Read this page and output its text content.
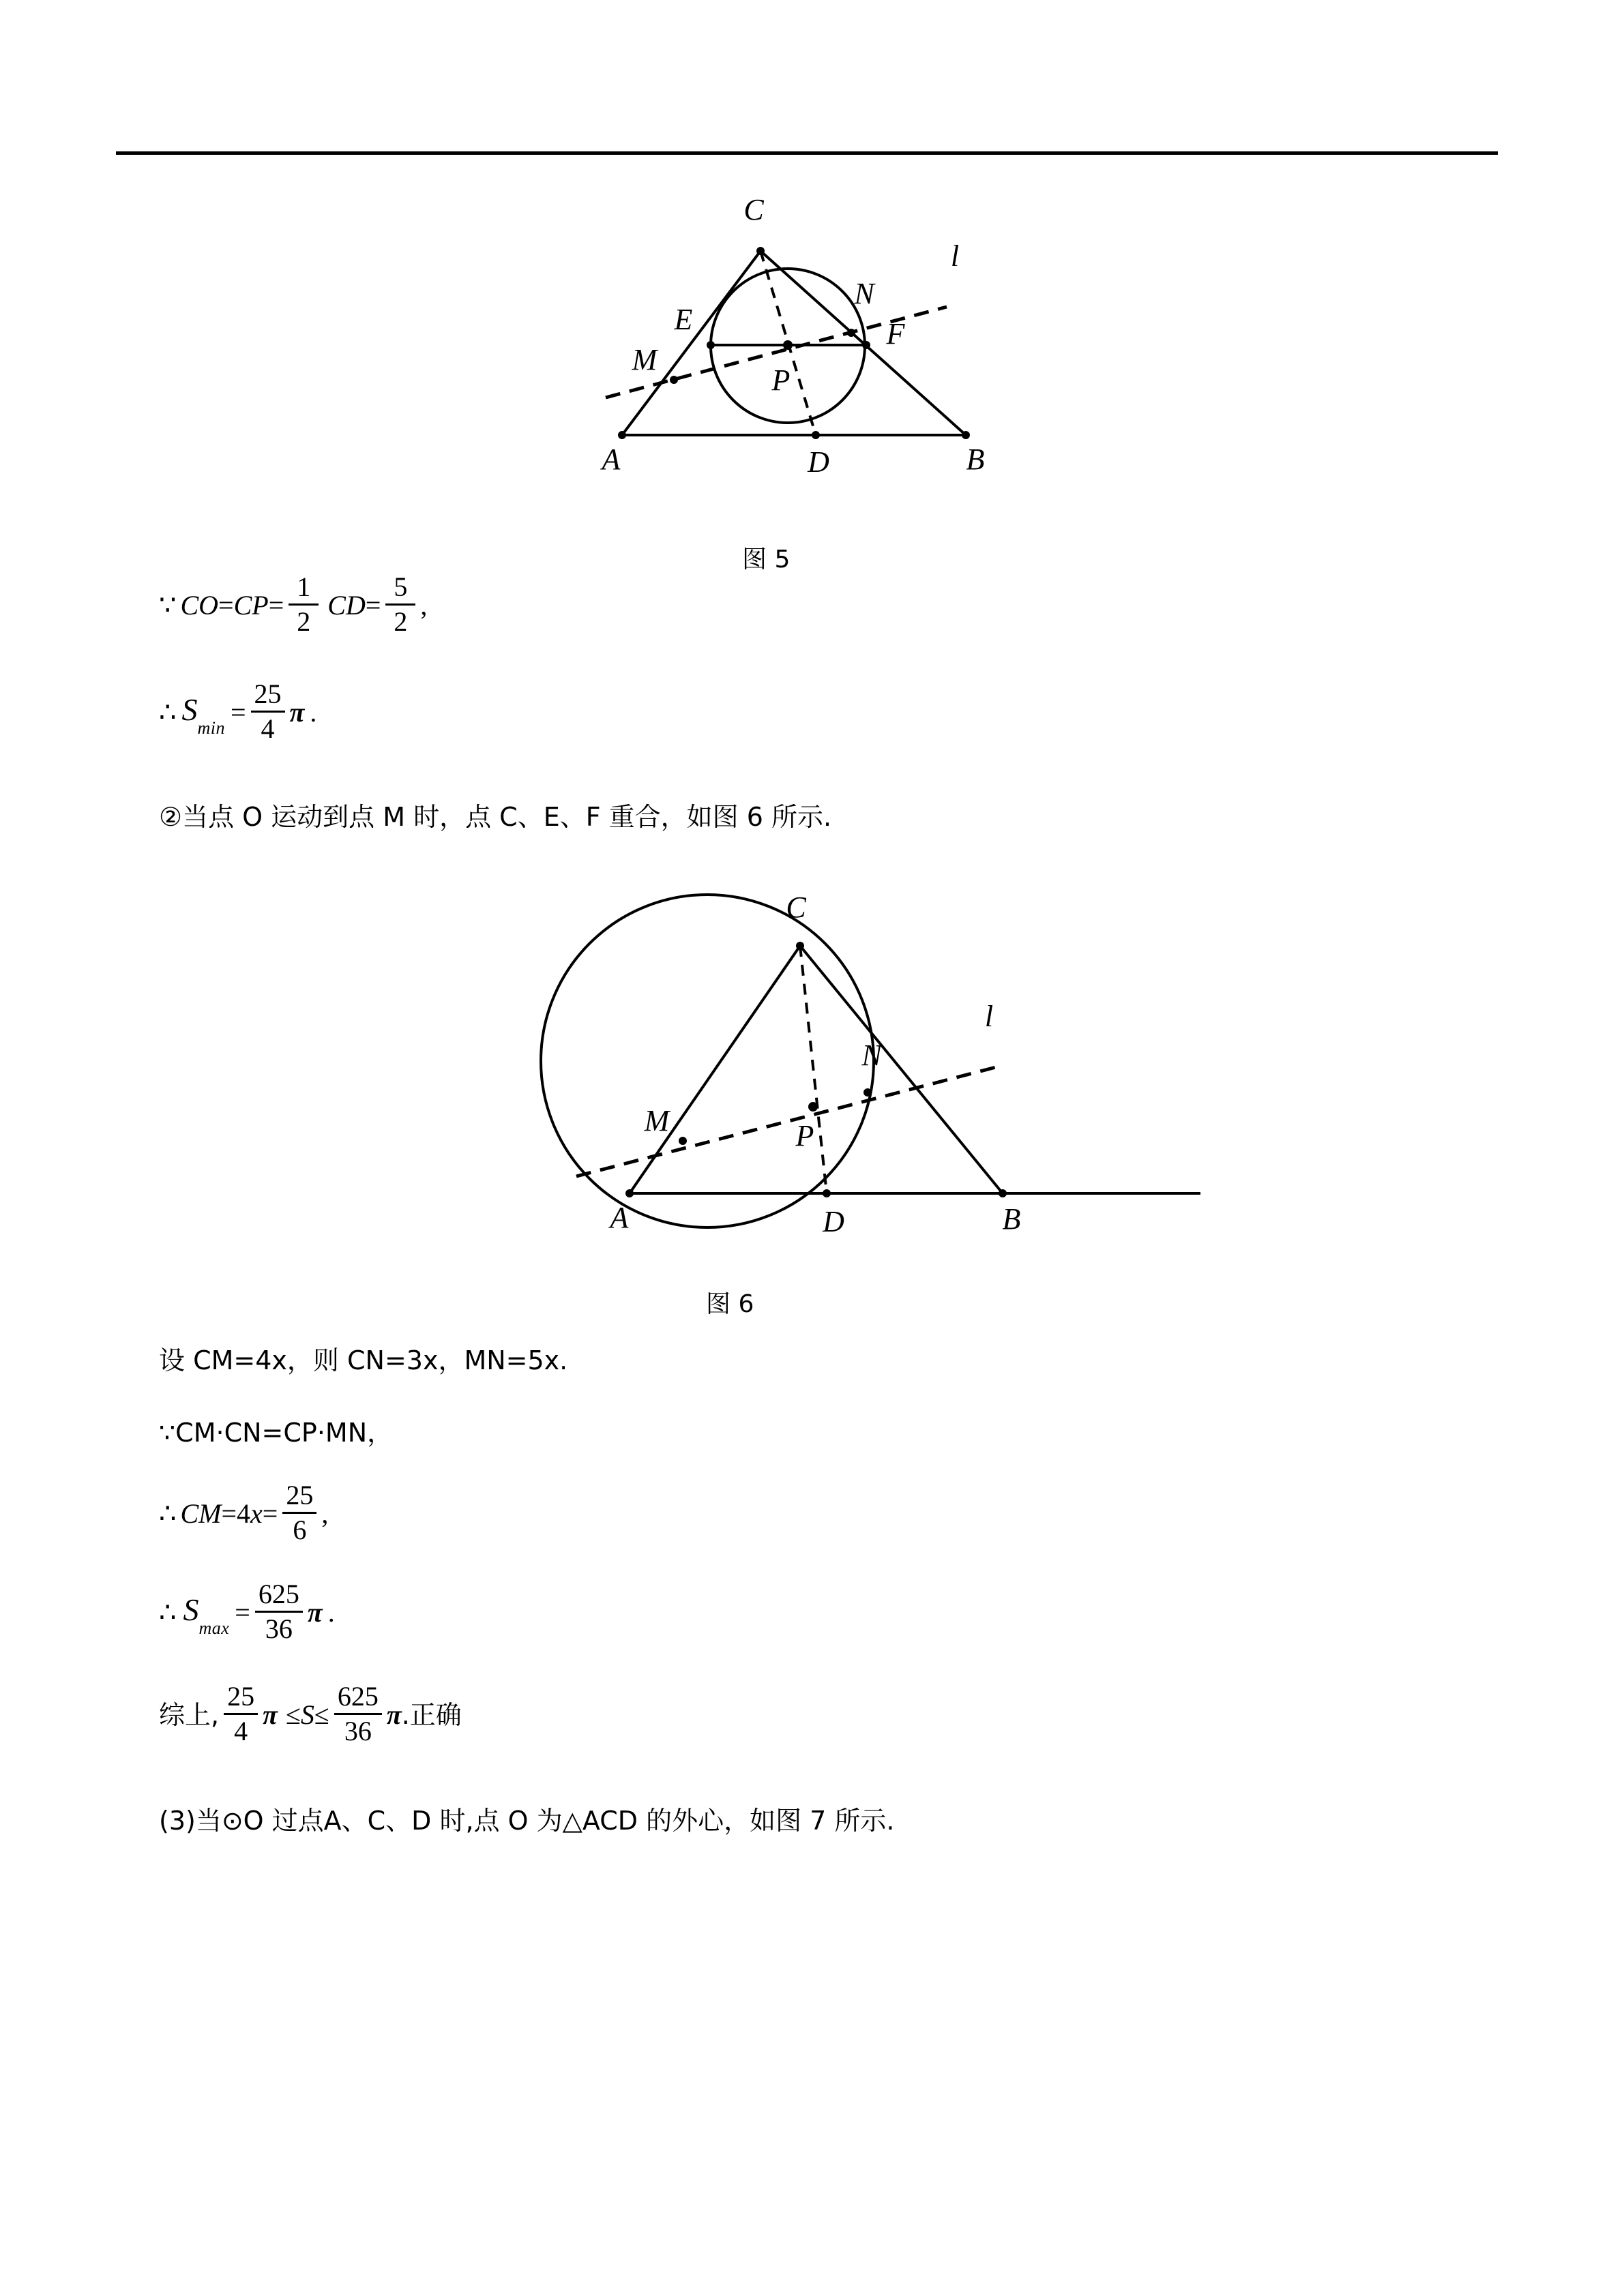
C
l
N
E	F
M
P
A	D	B
图 5
∵ CO = CP = $\frac{1}{2}$ CD = $\frac{5}{2}$ ,
∴ $S_{min}$
= $\frac{25}{4}$ π .
②当点 O 运动到点 M 时，点 C、E、F 重合，如图 6 所示.
C
l
N
M	P
A	D	B
图 6
设 CM=4x，则 CN=3x，MN=5x.
∵CM·CN=CP·MN，
∴ CM =4 $x = \frac{25}{6}$ ,
∴ $S_{max}$
= $\frac{625}{36}$ π .
综上, $\frac{25}{4}$ $\pi \le S \le \frac{625}{36}$ π .正确
(3)当⊙O 过点A、C、D 时,点 O 为△ACD 的外心，如图 7 所示.
